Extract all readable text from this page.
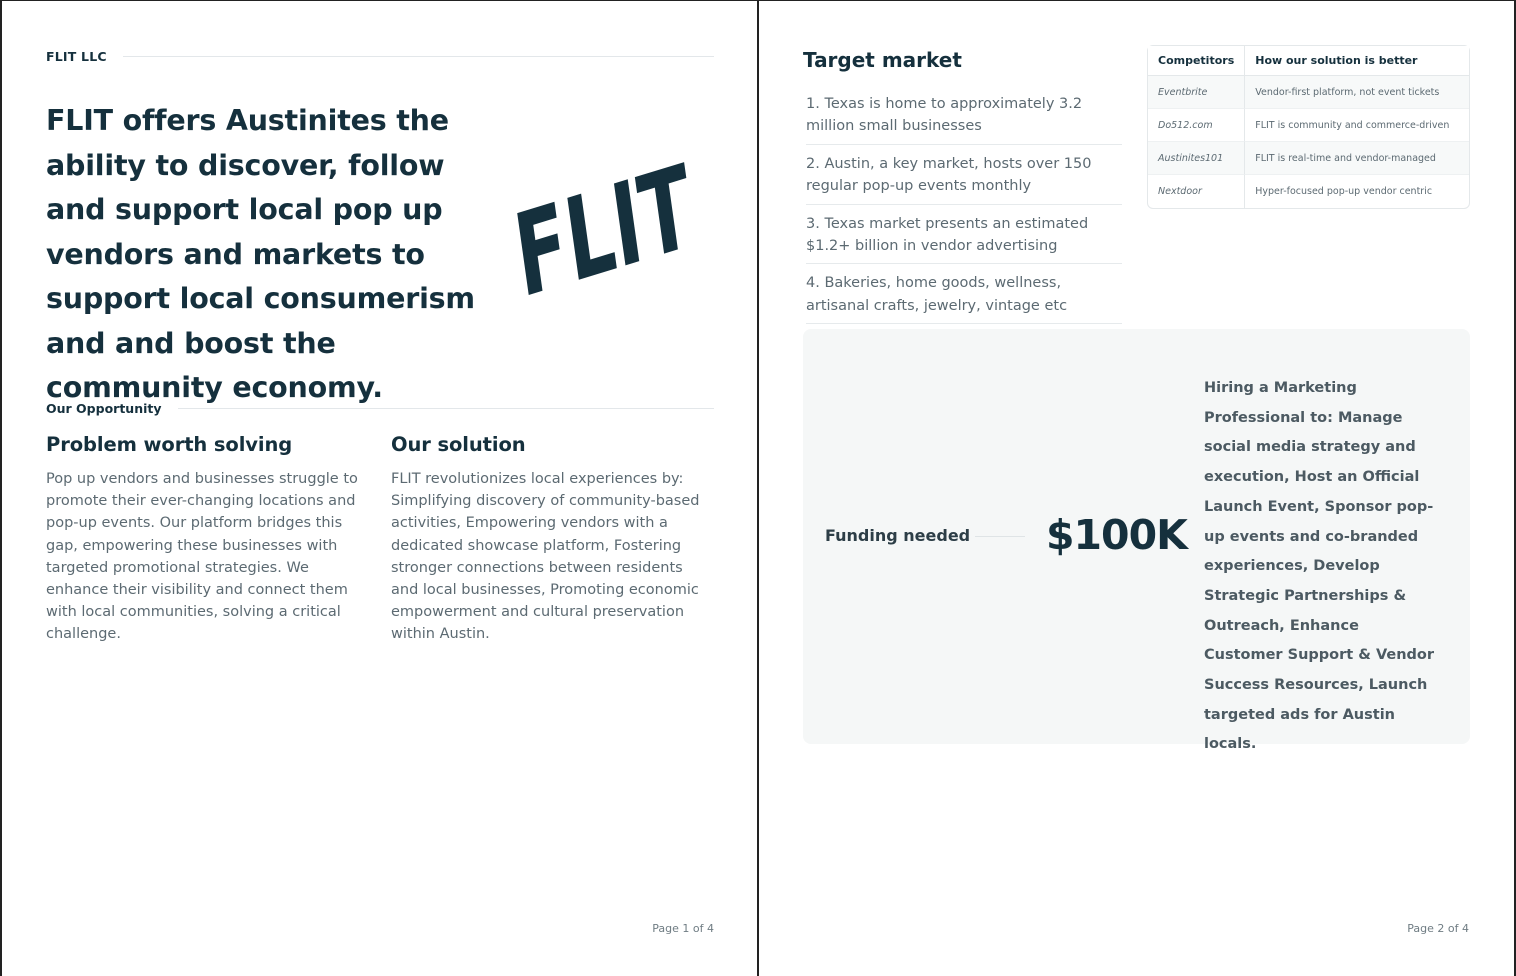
FLIT LLC
FLIT offers Austinites the ability to discover, follow and support local pop up vendors and markets to support local consumerism and and boost the community economy.
FLIT
Our Opportunity
Problem worth solving

Pop up vendors and businesses struggle to promote their ever-changing locations and pop-up events. Our platform bridges this gap, empowering these businesses with targeted promotional strategies. We enhance their visibility and connect them with local communities, solving a critical challenge.

Our solution

FLIT revolutionizes local experiences by: Simplifying discovery of community-based activities, Empowering vendors with a dedicated showcase platform, Fostering stronger connections between residents and local businesses, Promoting economic empowerment and cultural preservation within Austin.

Page 1 of 4
Target market
1. Texas is home to approximately 3.2 million small businesses
2. Austin, a key market, hosts over 150 regular pop-up events monthly
3. Texas market presents an estimated $1.2+ billion in vendor advertising
4. Bakeries, home goods, wellness, artisanal crafts, jewelry, vintage etc
Competitors	How our solution is better
Eventbrite	Vendor-first platform, not event tickets
Do512.com	FLIT is community and commerce-driven
Austinites101	FLIT is real-time and vendor-managed
Nextdoor	Hyper-focused pop-up vendor centric
Funding needed $100K
Hiring a Marketing Professional to: Manage social media strategy and execution, Host an Official Launch Event, Sponsor pop-up events and co-branded experiences, Develop Strategic Partnerships & Outreach, Enhance Customer Support & Vendor Success Resources, Launch targeted ads for Austin locals.
Page 2 of 4
